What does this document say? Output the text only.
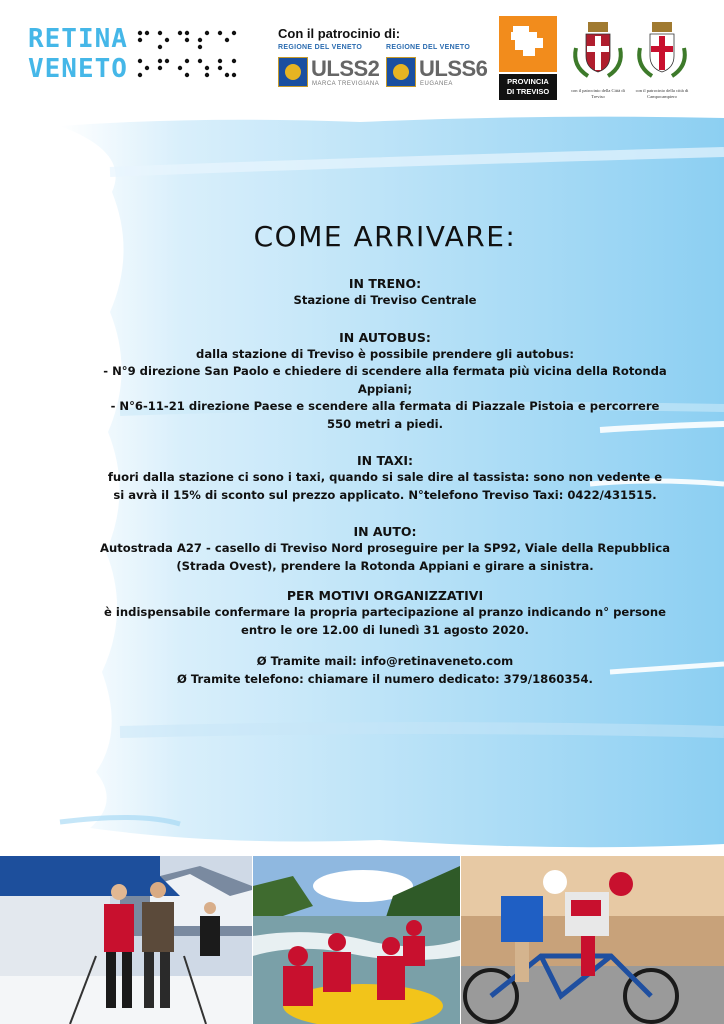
RETINA
VENETO
Con il patrocinio di:
REGIONE DEL VENETO
ULSS2
MARCA TREVIGIANA
REGIONE DEL VENETO
ULSS6
EUGANEA	PROVINCIA
DI TREVISO	con il patrocinio della Città di Treviso
con il patrocinio della città di Campocampiero
COME ARRIVARE:
IN TRENO:
Stazione di Treviso Centrale
IN AUTOBUS:
dalla stazione di Treviso è possibile prendere gli autobus:
- N°9 direzione San Paolo e chiedere di scendere alla fermata più vicina della Rotonda
Appiani;
- N°6-11-21 direzione Paese e scendere alla fermata di Piazzale Pistoia e percorrere
550 metri a piedi.
IN TAXI:
fuori dalla stazione ci sono i taxi, quando si sale dire al tassista: sono non vedente e
si avrà il 15% di sconto sul prezzo applicato. N°telefono Treviso Taxi: 0422/431515.
IN AUTO:
Autostrada A27 - casello di Treviso Nord proseguire per la SP92, Viale della Repubblica
(Strada Ovest), prendere la Rotonda Appiani e girare a sinistra.
PER MOTIVI ORGANIZZATIVI
è indispensabile confermare la propria partecipazione al pranzo indicando n° persone
entro le ore 12.00 di lunedì 31 agosto 2020.
Ø Tramite mail: info@retinaveneto.com
Ø Tramite telefono: chiamare il numero dedicato: 379/1860354.
